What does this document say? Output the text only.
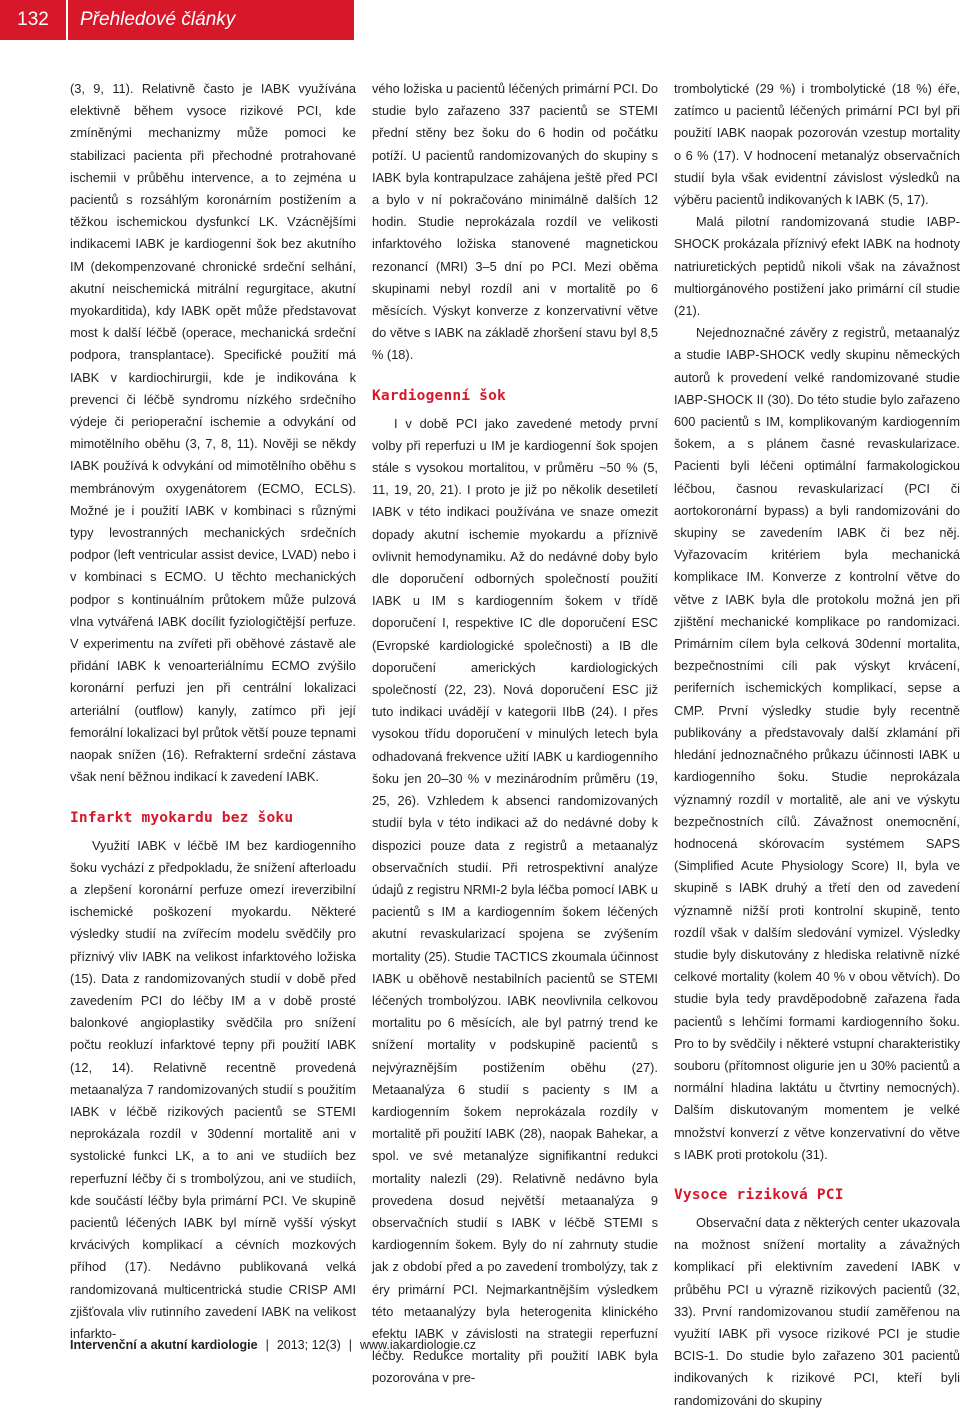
132	Přehledové články

(3, 9, 11). Relativně často je IABK využívána elektivně během vysoce rizikové PCI, kde zmíněnými mechanizmy může pomoci ke stabilizaci pacienta při přechodné protrahované ischemii v průběhu intervence, a to zejména u pacientů s rozsáhlým koronárním postižením a těžkou ischemickou dysfunkcí LK. Vzácnějšími indikacemi IABK je kardiogenní šok bez akutního IM (dekompenzované chronické srdeční selhání, akutní neischemická mitrální regurgitace, akutní myokarditida), kdy IABK opět může představovat most k další léčbě (operace, mechanická srdeční podpora, transplantace). Specifické použití má IABK v kardiochirurgii, kde je indikována k prevenci či léčbě syndromu nízkého srdečního výdeje či perioperační ischemie a odvykání od mimotělního oběhu (3, 7, 8, 11). Nověji se někdy IABK používá k odvykání od mimotělního oběhu s membránovým oxygenátorem (ECMO, ECLS). Možné je i použití IABK v kombinaci s různými typy levostranných mechanických srdečních podpor (left ventricular assist device, LVAD) nebo i v kombinaci s ECMO. U těchto mechanických podpor s kontinuálním průtokem může pulzová vlna vytvářená IABK docílit fyziologičtější perfuze. V experimentu na zvířeti při oběhové zástavě ale přidání IABK k venoarteriálnímu ECMO zvýšilo koronární perfuzi jen při centrální lokalizaci arteriální (outflow) kanyly, zatímco při její femorální lokalizaci byl průtok větší pouze tepnami naopak snížen (16). Refrakterní srdeční zástava však není běžnou indikací k zavedení IABK.

Infarkt myokardu bez šoku

Využití IABK v léčbě IM bez kardiogenního šoku vychází z předpokladu, že snížení afterloadu a zlepšení koronární perfuze omezí ireverzibilní ischemické poškození myokardu. Některé výsledky studií na zvířecím modelu svědčily pro příznivý vliv IABK na velikost infarktového ložiska (15). Data z randomizovaných studií v době před zavedením PCI do léčby IM a v době prosté balonkové angioplastiky svědčila pro snížení počtu reokluzí infarktové tepny při použití IABK (12, 14). Relativně recentně provedená metaanalýza 7 randomizovaných studií s použitím IABK v léčbě rizikových pacientů se STEMI neprokázala rozdíl v 30denní mortalitě ani v systolické funkci LK, a to ani ve studiích bez reperfuzní léčby či s trombolýzou, ani ve studiích, kde součástí léčby byla primární PCI. Ve skupině pacientů léčených IABK byl mírně vyšší výskyt krvácivých komplikací a cévních mozkových příhod (17). Nedávno publikovaná velká randomizovaná multicentrická studie CRISP AMI zjišťovala vliv rutinního zavedení IABK na velikost infarkto-

vého ložiska u pacientů léčených primární PCI. Do studie bylo zařazeno 337 pacientů se STEMI přední stěny bez šoku do 6 hodin od počátku potíží. U pacientů randomizovaných do skupiny s IABK byla kontrapulzace zahájena ještě před PCI a bylo v ní pokračováno minimálně dalších 12 hodin. Studie neprokázala rozdíl ve velikosti infarktového ložiska stanovené magnetickou rezonancí (MRI) 3–5 dní po PCI. Mezi oběma skupinami nebyl rozdíl ani v mortalitě po 6 měsících. Výskyt konverze z konzervativní větve do větve s IABK na základě zhoršení stavu byl 8,5 % (18).

Kardiogenní šok

I v době PCI jako zavedené metody první volby při reperfuzi u IM je kardiogenní šok spojen stále s vysokou mortalitou, v průměru ~50 % (5, 11, 19, 20, 21). I proto je již po několik desetiletí IABK v této indikaci používána ve snaze omezit dopady akutní ischemie myokardu a příznivě ovlivnit hemodynamiku. Až do nedávné doby bylo dle doporučení odborných společností použití IABK u IM s kardiogenním šokem v třídě doporučení I, respektive IC dle doporučení ESC (Evropské kardiologické společnosti) a IB dle doporučení amerických kardiologických společností (22, 23). Nová doporučení ESC již tuto indikaci uvádějí v kategorii IIbB (24). I přes vysokou třídu doporučení v minulých letech byla odhadovaná frekvence užití IABK u kardiogenního šoku jen 20–30 % v mezinárodním průměru (19, 25, 26). Vzhledem k absenci randomizovaných studií byla v této indikaci až do nedávné doby k dispozici pouze data z registrů a metaanalýz observačních studií. Při retrospektivní analýze údajů z registru NRMI-2 byla léčba pomocí IABK u pacientů s IM a kardiogenním šokem léčených akutní revaskularizací spojena se zvýšením mortality (25). Studie TACTICS zkoumala účinnost IABK u oběhově nestabilních pacientů se STEMI léčených trombolýzou. IABK neovlivnila celkovou mortalitu po 6 měsících, ale byl patrný trend ke snížení mortality v podskupině pacientů s nejvýraznějším postižením oběhu (27). Metaanalýza 6 studií s pacienty s IM a kardiogenním šokem neprokázala rozdíly v mortalitě při použití IABK (28), naopak Bahekar, a spol. ve své metanalýze signifikantní redukci mortality nalezli (29). Relativně nedávno byla provedena dosud největší metaanalýza 9 observačních studií s IABK v léčbě STEMI s kardiogenním šokem. Byly do ní zahrnuty studie jak z období před a po zavedení trombolýzy, tak z éry primární PCI. Nejmarkantnějším výsledkem této metaanalýzy byla heterogenita klinického efektu IABK v závislosti na strategii reperfuzní léčby. Redukce mortality při použití IABK byla pozorována v pre-

trombolytické (29 %) i trombolytické (18 %) éře, zatímco u pacientů léčených primární PCI byl při použití IABK naopak pozorován vzestup mortality o 6 % (17). V hodnocení metanalýz observačních studií byla však evidentní závislost výsledků na výběru pacientů indikovaných k IABK (5, 17).

Malá pilotní randomizovaná studie IABP-SHOCK prokázala příznivý efekt IABK na hodnoty natriuretických peptidů nikoli však na závažnost multiorgánového postižení jako primární cíl studie (21).

Nejednoznačné závěry z registrů, metaanalýz a studie IABP-SHOCK vedly skupinu německých autorů k provedení velké randomizované studie IABP-SHOCK II (30). Do této studie bylo zařazeno 600 pacientů s IM, komplikovaným kardiogenním šokem, a s plánem časné revaskularizace. Pacienti byli léčeni optimální farmakologickou léčbou, časnou revaskularizací (PCI či aortokoronární bypass) a byli randomizováni do skupiny se zavedením IABK či bez něj. Vyřazovacím kritériem byla mechanická komplikace IM. Konverze z kontrolní větve do větve z IABK byla dle protokolu možná jen při zjištění mechanické komplikace po randomizaci. Primárním cílem byla celková 30denní mortalita, bezpečnostními cíli pak výskyt krvácení, periferních ischemických komplikací, sepse a CMP. První výsledky studie byly recentně publikovány a představovaly další zklamání při hledání jednoznačného průkazu účinnosti IABK u kardiogenního šoku. Studie neprokázala významný rozdíl v mortalitě, ale ani ve výskytu bezpečnostních cílů. Závažnost onemocnění, hodnocená skórovacím systémem SAPS (Simplified Acute Physiology Score) II, byla ve skupině s IABK druhý a třetí den od zavedení významně nižší proti kontrolní skupině, tento rozdíl však v dalším sledování vymizel. Výsledky studie byly diskutovány z hlediska relativně nízké celkové mortality (kolem 40 % v obou větvích). Do studie byla tedy pravděpodobně zařazena řada pacientů s lehčími formami kardiogenního šoku. Pro to by svědčily i některé vstupní charakteristiky souboru (přítomnost oligurie jen u 30% pacientů a normální hladina laktátu u čtvrtiny nemocných). Dalším diskutovaným momentem je velké množství konverzí z větve konzervativní do větve s IABK proti protokolu (31).

Vysoce riziková PCI

Observační data z některých center ukazovala na možnost snížení mortality a závažných komplikací při elektivním zavedení IABK v průběhu PCI u výrazně rizikových pacientů (32, 33). První randomizovanou studií zaměřenou na využití IABK při vysoce rizikové PCI je studie BCIS-1. Do studie bylo zařazeno 301 pacientů indikovaných k rizikové PCI, kteří byli randomizováni do skupiny

Intervenční a akutní kardiologie | 2013; 12(3) | www.iakardiologie.cz
